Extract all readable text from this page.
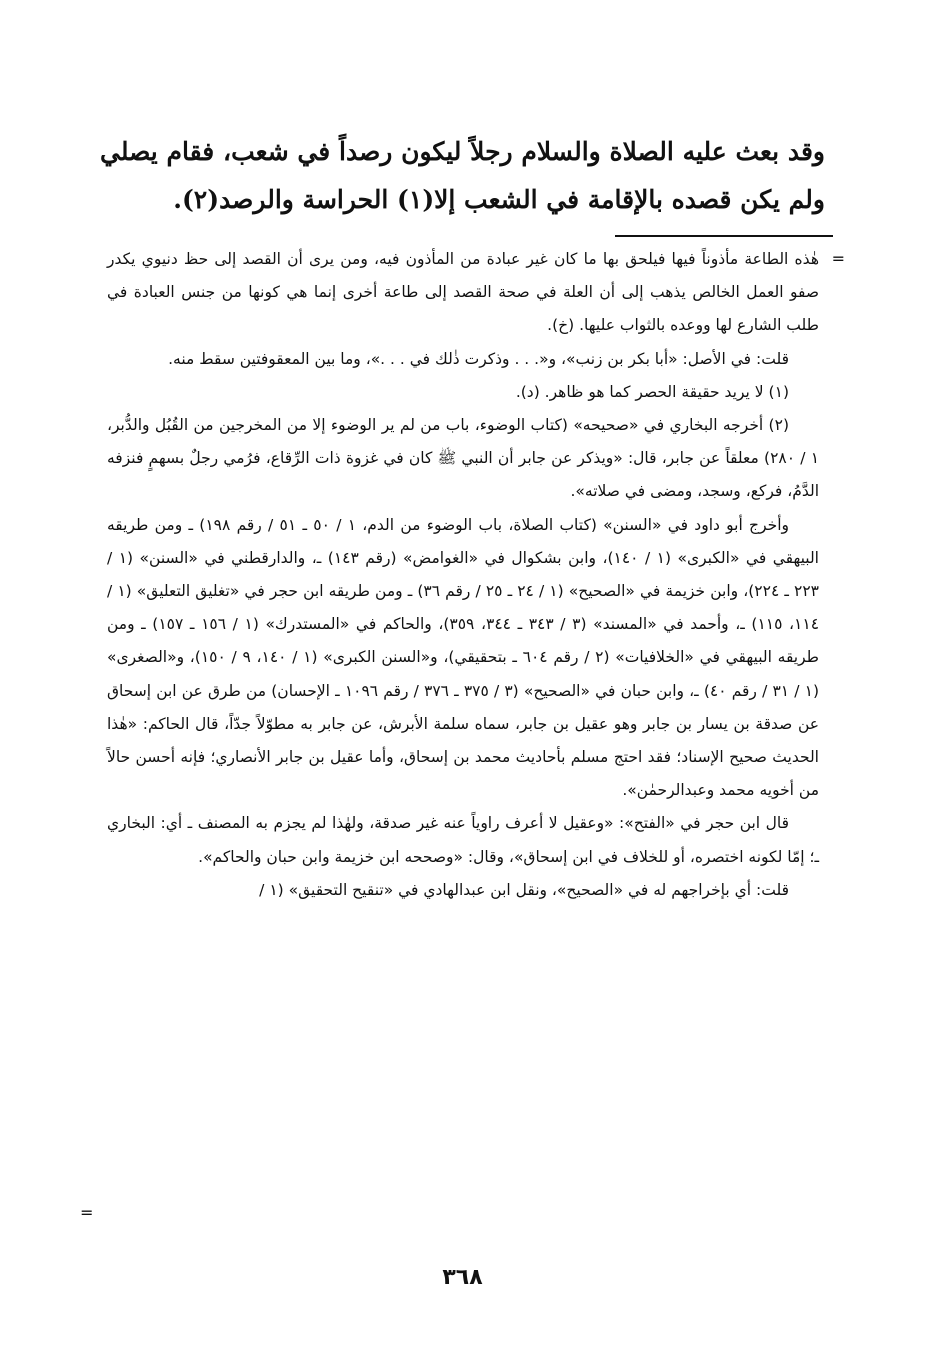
وقد بعث عليه الصلاة والسلام رجلاً ليكون رصداً في شعب، فقام يصلي ولم يكن قصده بالإقامة في الشعب إلا(١) الحراسة والرصد(٢).

=

هٰذه الطاعة مأذوناً فيها فيلحق بها ما كان غير عبادة من المأذون فيه، ومن يرى أن القصد إلى حظ دنيوي يكدر صفو العمل الخالص يذهب إلى أن العلة في صحة القصد إلى طاعة أخرى إنما هي كونها من جنس العبادة في طلب الشارع لها ووعده بالثواب عليها. (خ).

قلت: في الأصل: «أبا بكر بن زنب»، و«. . . وذكرت ذٰلك في . . .»، وما بين المعقوفتين سقط منه.

(١) لا يريد حقيقة الحصر كما هو ظاهر. (د).

(٢) أخرجه البخاري في «صحيحه» (كتاب الوضوء، باب من لم ير الوضوء إلا من المخرجين من القُبُل والدُّبر، ١ / ٢٨٠) معلقاً عن جابر، قال: «ويذكر عن جابر أن النبي ﷺ كان في غزوة ذات الرِّقاع، فرُمي رجلٌ بسهمٍ فنزفه الدَّمُ، فركع، وسجد، ومضى في صلاته».

وأخرج أبو داود في «السنن» (كتاب الصلاة، باب الوضوء من الدم، ١ / ٥٠ ـ ٥١ / رقم ١٩٨) ـ ومن طريقه البيهقي في «الكبرى» (١ / ١٤٠)، وابن بشكوال في «الغوامض» (رقم ١٤٣) ـ، والدارقطني في «السنن» (١ / ٢٢٣ ـ ٢٢٤)، وابن خزيمة في «الصحيح» (١ / ٢٤ ـ ٢٥ / رقم ٣٦) ـ ومن طريقه ابن حجر في «تغليق التعليق» (١ / ١١٤، ١١٥) ـ، وأحمد في «المسند» (٣ / ٣٤٣ ـ ٣٤٤، ٣٥٩)، والحاكم في «المستدرك» (١ / ١٥٦ ـ ١٥٧) ـ ومن طريقه البيهقي في «الخلافيات» (٢ / رقم ٦٠٤ ـ بتحقيقي)، و«السنن الكبرى» (١ / ١٤٠، ٩ / ١٥٠)، و«الصغرى» (١ / ٣١ / رقم ٤٠) ـ، وابن حبان في «الصحيح» (٣ / ٣٧٥ ـ ٣٧٦ / رقم ١٠٩٦ ـ الإحسان) من طرق عن ابن إسحاق عن صدقة بن يسار بن جابر وهو عقيل بن جابر، سماه سلمة الأبرش، عن جابر به مطوّلاً جدّاً، قال الحاكم: «هٰذا الحديث صحيح الإسناد؛ فقد احتج مسلم بأحاديث محمد بن إسحاق، وأما عقيل بن جابر الأنصاري؛ فإنه أحسن حالاً من أخويه محمد وعبدالرحمٰن».

قال ابن حجر في «الفتح»: «وعقيل لا أعرف راوياً عنه غير صدقة، ولهٰذا لم يجزم به المصنف ـ أي: البخاري ـ؛ إمّا لكونه اختصره، أو للخلاف في ابن إسحاق»، وقال: «وصححه ابن خزيمة وابن حبان والحاكم».

قلت: أي بإخراجهم له في «الصحيح»، ونقل ابن عبدالهادي في «تنقيح التحقيق» (١ /

=
٣٦٨
